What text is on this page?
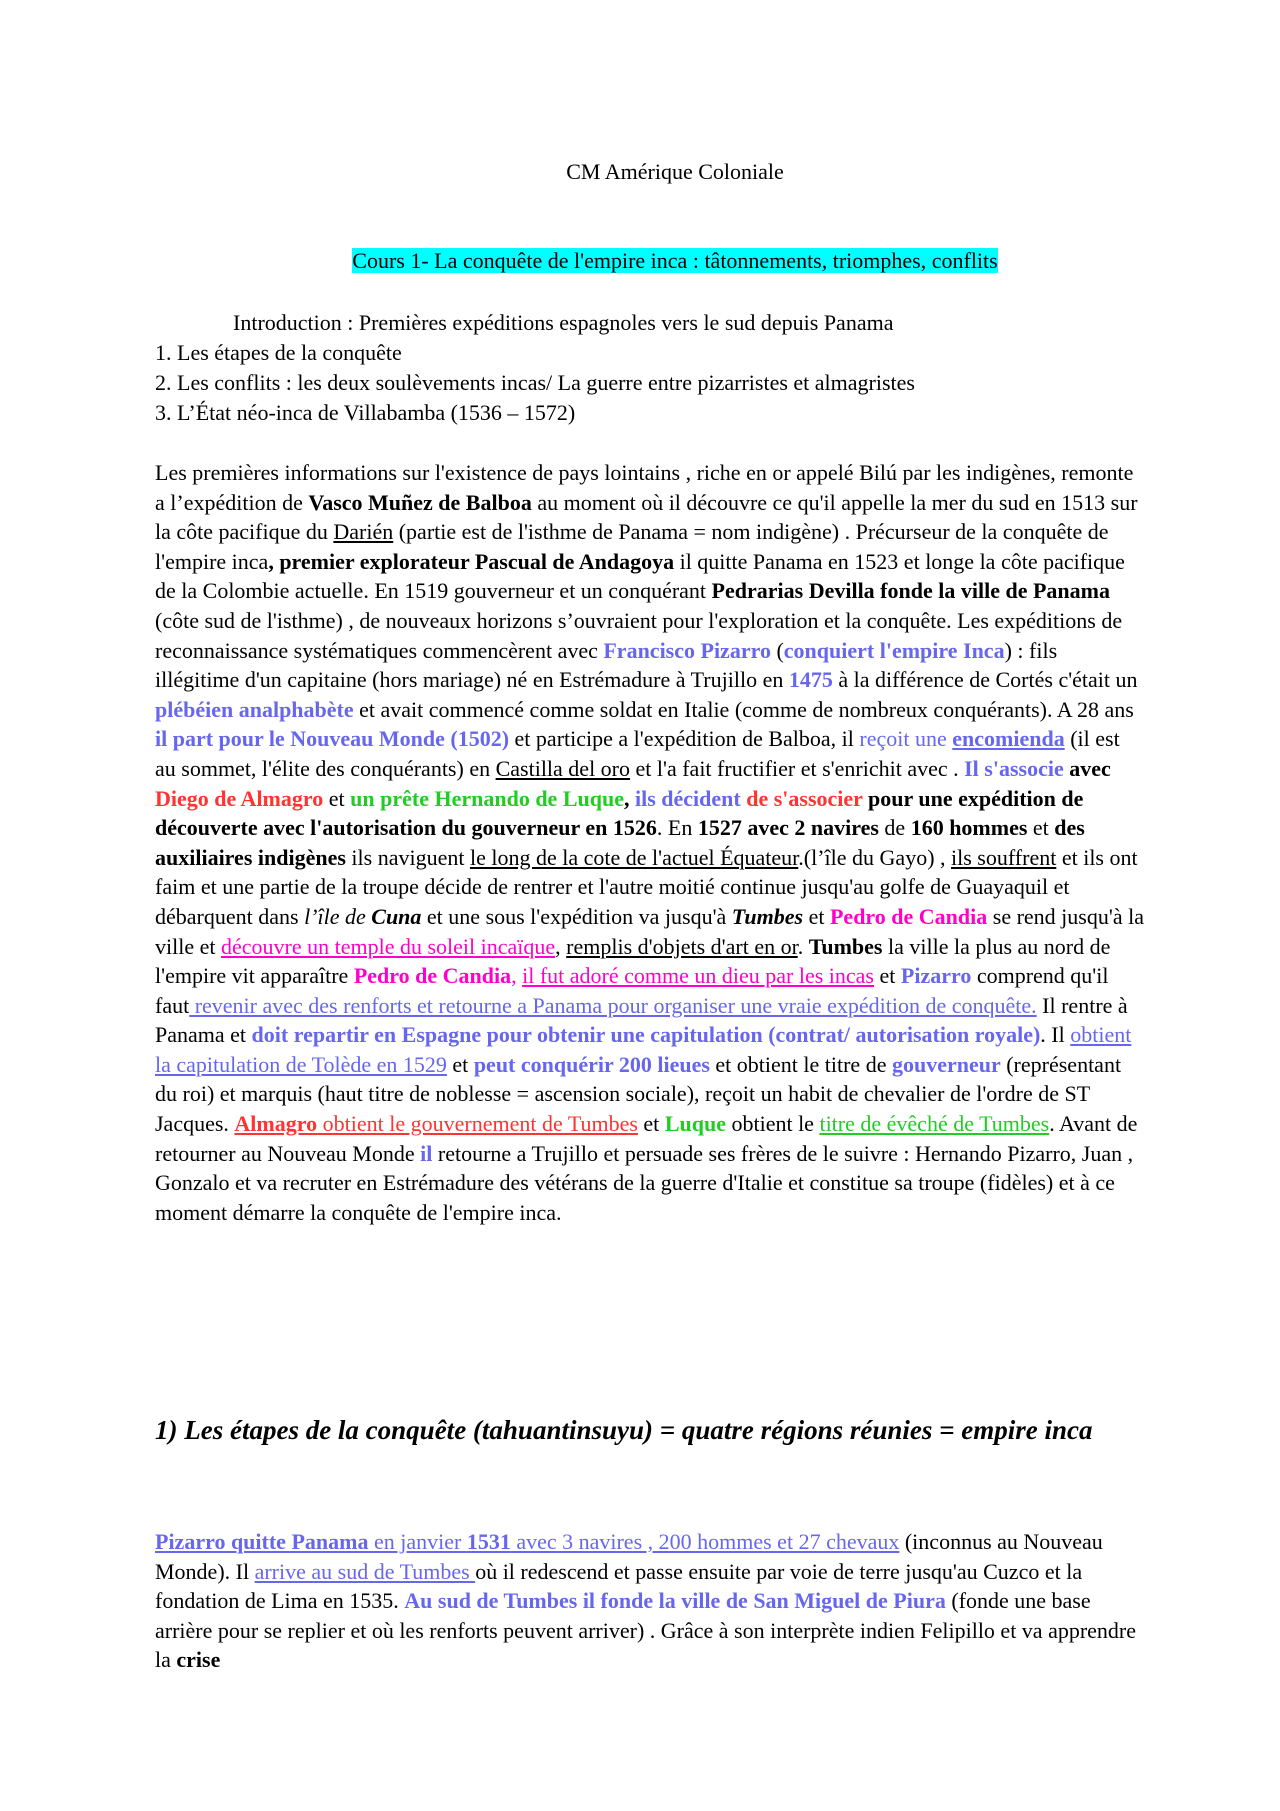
CM Amérique Coloniale
Cours 1- La conquête de l'empire inca : tâtonnements, triomphes, conflits
Introduction : Premières expéditions espagnoles vers le sud depuis Panama
1. Les étapes de la conquête
2. Les conflits : les deux soulèvements incas/ La guerre entre pizarristes et almagristes
3. L’État néo-inca de Villabamba (1536 – 1572)

Les premières informations sur l'existence de pays lointains , riche en or appelé Bilú par les indigènes, remonte a l’expédition de Vasco Muñez de Balboa au moment où il découvre ce qu'il appelle la mer du sud en 1513 sur la côte pacifique du Darién (partie est de l'isthme de Panama = nom indigène) . Précurseur de la conquête de l'empire inca, premier explorateur Pascual de Andagoya il quitte Panama en 1523 et longe la côte pacifique de la Colombie actuelle. En 1519 gouverneur et un conquérant Pedrarias Devilla fonde la ville de Panama (côte sud de l'isthme) , de nouveaux horizons s’ouvraient pour l'exploration et la conquête. Les expéditions de reconnaissance systématiques commencèrent avec Francisco Pizarro (conquiert l'empire Inca) : fils illégitime d'un capitaine (hors mariage) né en Estrémadure à Trujillo en 1475 à la différence de Cortés c'était un plébéien analphabète et avait commencé comme soldat en Italie (comme de nombreux conquérants). A 28 ans il part pour le Nouveau Monde (1502) et participe a l'expédition de Balboa, il reçoit une encomienda (il est au sommet, l'élite des conquérants) en Castilla del oro et l'a fait fructifier et s'enrichit avec . Il s'associe avec Diego de Almagro et un prête Hernando de Luque, ils décident de s'associer pour une expédition de découverte avec l'autorisation du gouverneur en 1526. En 1527 avec 2 navires de 160 hommes et des auxiliaires indigènes ils naviguent le long de la cote de l'actuel Équateur.(l’île du Gayo) , ils souffrent et ils ont faim et une partie de la troupe décide de rentrer et l'autre moitié continue jusqu'au golfe de Guayaquil et débarquent dans l’île de Cuna et une sous l'expédition va jusqu'à Tumbes et Pedro de Candia se rend jusqu'à la ville et découvre un temple du soleil incaïque, remplis d'objets d'art en or. Tumbes la ville la plus au nord de l'empire vit apparaître Pedro de Candia, il fut adoré comme un dieu par les incas et Pizarro comprend qu'il faut revenir avec des renforts et retourne a Panama pour organiser une vraie expédition de conquête. Il rentre à Panama et doit repartir en Espagne pour obtenir une capitulation (contrat/ autorisation royale). Il obtient la capitulation de Tolède en 1529 et peut conquérir 200 lieues et obtient le titre de gouverneur (représentant du roi) et marquis (haut titre de noblesse = ascension sociale), reçoit un habit de chevalier de l'ordre de ST Jacques. Almagro obtient le gouvernement de Tumbes et Luque obtient le titre de évêché de Tumbes. Avant de retourner au Nouveau Monde il retourne a Trujillo et persuade ses frères de le suivre : Hernando Pizarro, Juan , Gonzalo et va recruter en Estrémadure des vétérans de la guerre d'Italie et constitue sa troupe (fidèles) et à ce moment démarre la conquête de l'empire inca.

1) Les étapes de la conquête (tahuantinsuyu) = quatre régions réunies = empire inca

Pizarro quitte Panama en janvier 1531 avec 3 navires , 200 hommes et 27 chevaux (inconnus au Nouveau Monde). Il arrive au sud de Tumbes où il redescend et passe ensuite par voie de terre jusqu'au Cuzco et la fondation de Lima en 1535. Au sud de Tumbes il fonde la ville de San Miguel de Piura (fonde une base arrière pour se replier et où les renforts peuvent arriver) . Grâce à son interprète indien Felipillo et va apprendre la crise
